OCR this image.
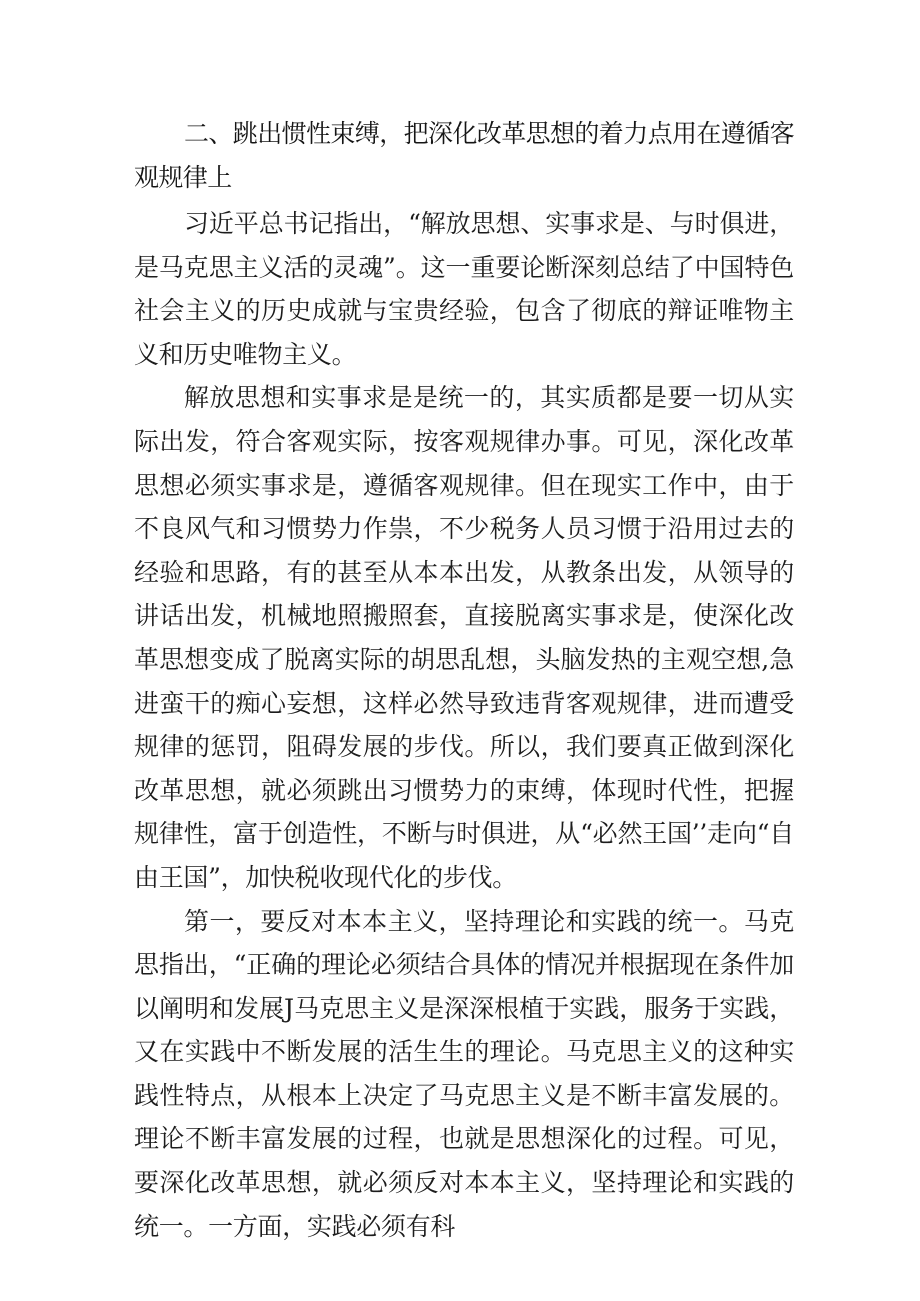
二、跳出惯性束缚，把深化改革思想的着力点用在遵循客观规律上

习近平总书记指出，“解放思想、实事求是、与时俱进，是马克思主义活的灵魂”。这一重要论断深刻总结了中国特色社会主义的历史成就与宝贵经验，包含了彻底的辩证唯物主义和历史唯物主义。

解放思想和实事求是是统一的，其实质都是要一切从实际出发，符合客观实际，按客观规律办事。可见，深化改革思想必须实事求是，遵循客观规律。但在现实工作中，由于不良风气和习惯势力作祟，不少税务人员习惯于沿用过去的经验和思路，有的甚至从本本出发，从教条出发，从领导的讲话出发，机械地照搬照套，直接脱离实事求是，使深化改革思想变成了脱离实际的胡思乱想，头脑发热的主观空想,急进蛮干的痴心妄想，这样必然导致违背客观规律，进而遭受规律的惩罚，阻碍发展的步伐。所以，我们要真正做到深化改革思想，就必须跳出习惯势力的束缚，体现时代性，把握规律性，富于创造性，不断与时俱进，从“必然王国’’走向“自由王国”，加快税收现代化的步伐。

第一，要反对本本主义，坚持理论和实践的统一。马克思指出，“正确的理论必须结合具体的情况并根据现在条件加以阐明和发展J马克思主义是深深根植于实践，服务于实践，又在实践中不断发展的活生生的理论。马克思主义的这种实践性特点，从根本上决定了马克思主义是不断丰富发展的。理论不断丰富发展的过程，也就是思想深化的过程。可见，要深化改革思想，就必须反对本本主义，坚持理论和实践的统一。一方面，实践必须有科
